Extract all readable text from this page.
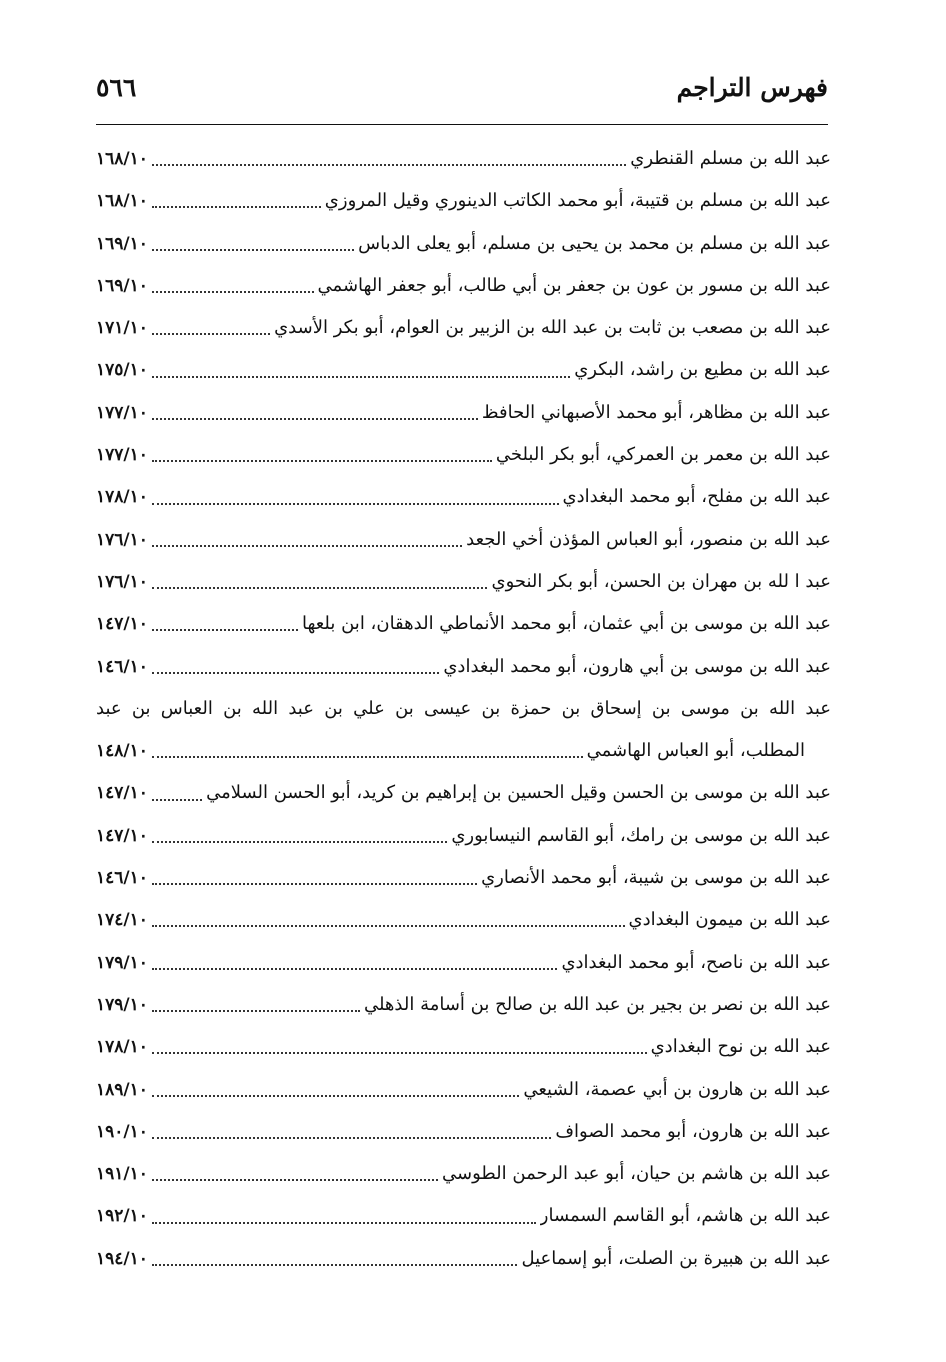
فهرس التراجم
٥٦٦
عبد الله بن مسلم القنطري
١٦٨/١٠
عبد الله بن مسلم بن قتيبة، أبو محمد الكاتب الدينوري وقيل المروزي
١٦٨/١٠
عبد الله بن مسلم بن محمد بن يحيى بن مسلم، أبو يعلى الدباس
١٦٩/١٠
عبد الله بن مسور بن عون بن جعفر بن أبي طالب، أبو جعفر الهاشمي
١٦٩/١٠
عبد الله بن مصعب بن ثابت بن عبد الله بن الزبير بن العوام، أبو بكر الأسدي
١٧١/١٠
عبد الله بن مطيع بن راشد، البكري
١٧٥/١٠
عبد الله بن مظاهر، أبو محمد الأصبهاني الحافظ
١٧٧/١٠
عبد الله بن معمر بن العمركي، أبو بكر البلخي
١٧٧/١٠
عبد الله بن مفلح، أبو محمد البغدادي
١٧٨/١٠
عبد الله بن منصور، أبو العباس المؤذن أخي الجعد
١٧٦/١٠
عبد ا لله بن مهران بن الحسن، أبو بكر النحوي
١٧٦/١٠
عبد الله بن موسى بن أبي عثمان، أبو محمد الأنماطي الدهقان، ابن بلعها
١٤٧/١٠
عبد الله بن موسى بن أبي هارون، أبو محمد البغدادي
١٤٦/١٠
عبد الله بن موسى بن إسحاق بن حمزة بن عيسى بن علي بن عبد الله بن العباس بن عبد
المطلب، أبو العباس الهاشمي
١٤٨/١٠
عبد الله بن موسى بن الحسن وقيل الحسين بن إبراهيم بن كريد، أبو الحسن السلامي
١٤٧/١٠
عبد الله بن موسى بن رامك، أبو القاسم النيسابوري
١٤٧/١٠
عبد الله بن موسى بن شيبة، أبو محمد الأنصاري
١٤٦/١٠
عبد الله بن ميمون البغدادي
١٧٤/١٠
عبد الله بن ناصح، أبو محمد البغدادي
١٧٩/١٠
عبد الله بن نصر بن بجير بن عبد الله بن صالح بن أسامة الذهلي
١٧٩/١٠
عبد الله بن نوح البغدادي
١٧٨/١٠
عبد الله بن هارون بن أبي عصمة، الشيعي
١٨٩/١٠
عبد الله بن هارون، أبو محمد الصواف
١٩٠/١٠
عبد الله بن هاشم بن حيان، أبو عبد الرحمن الطوسي
١٩١/١٠
عبد الله بن هاشم، أبو القاسم السمسار
١٩٢/١٠
عبد الله بن هبيرة بن الصلت، أبو إسماعيل
١٩٤/١٠
